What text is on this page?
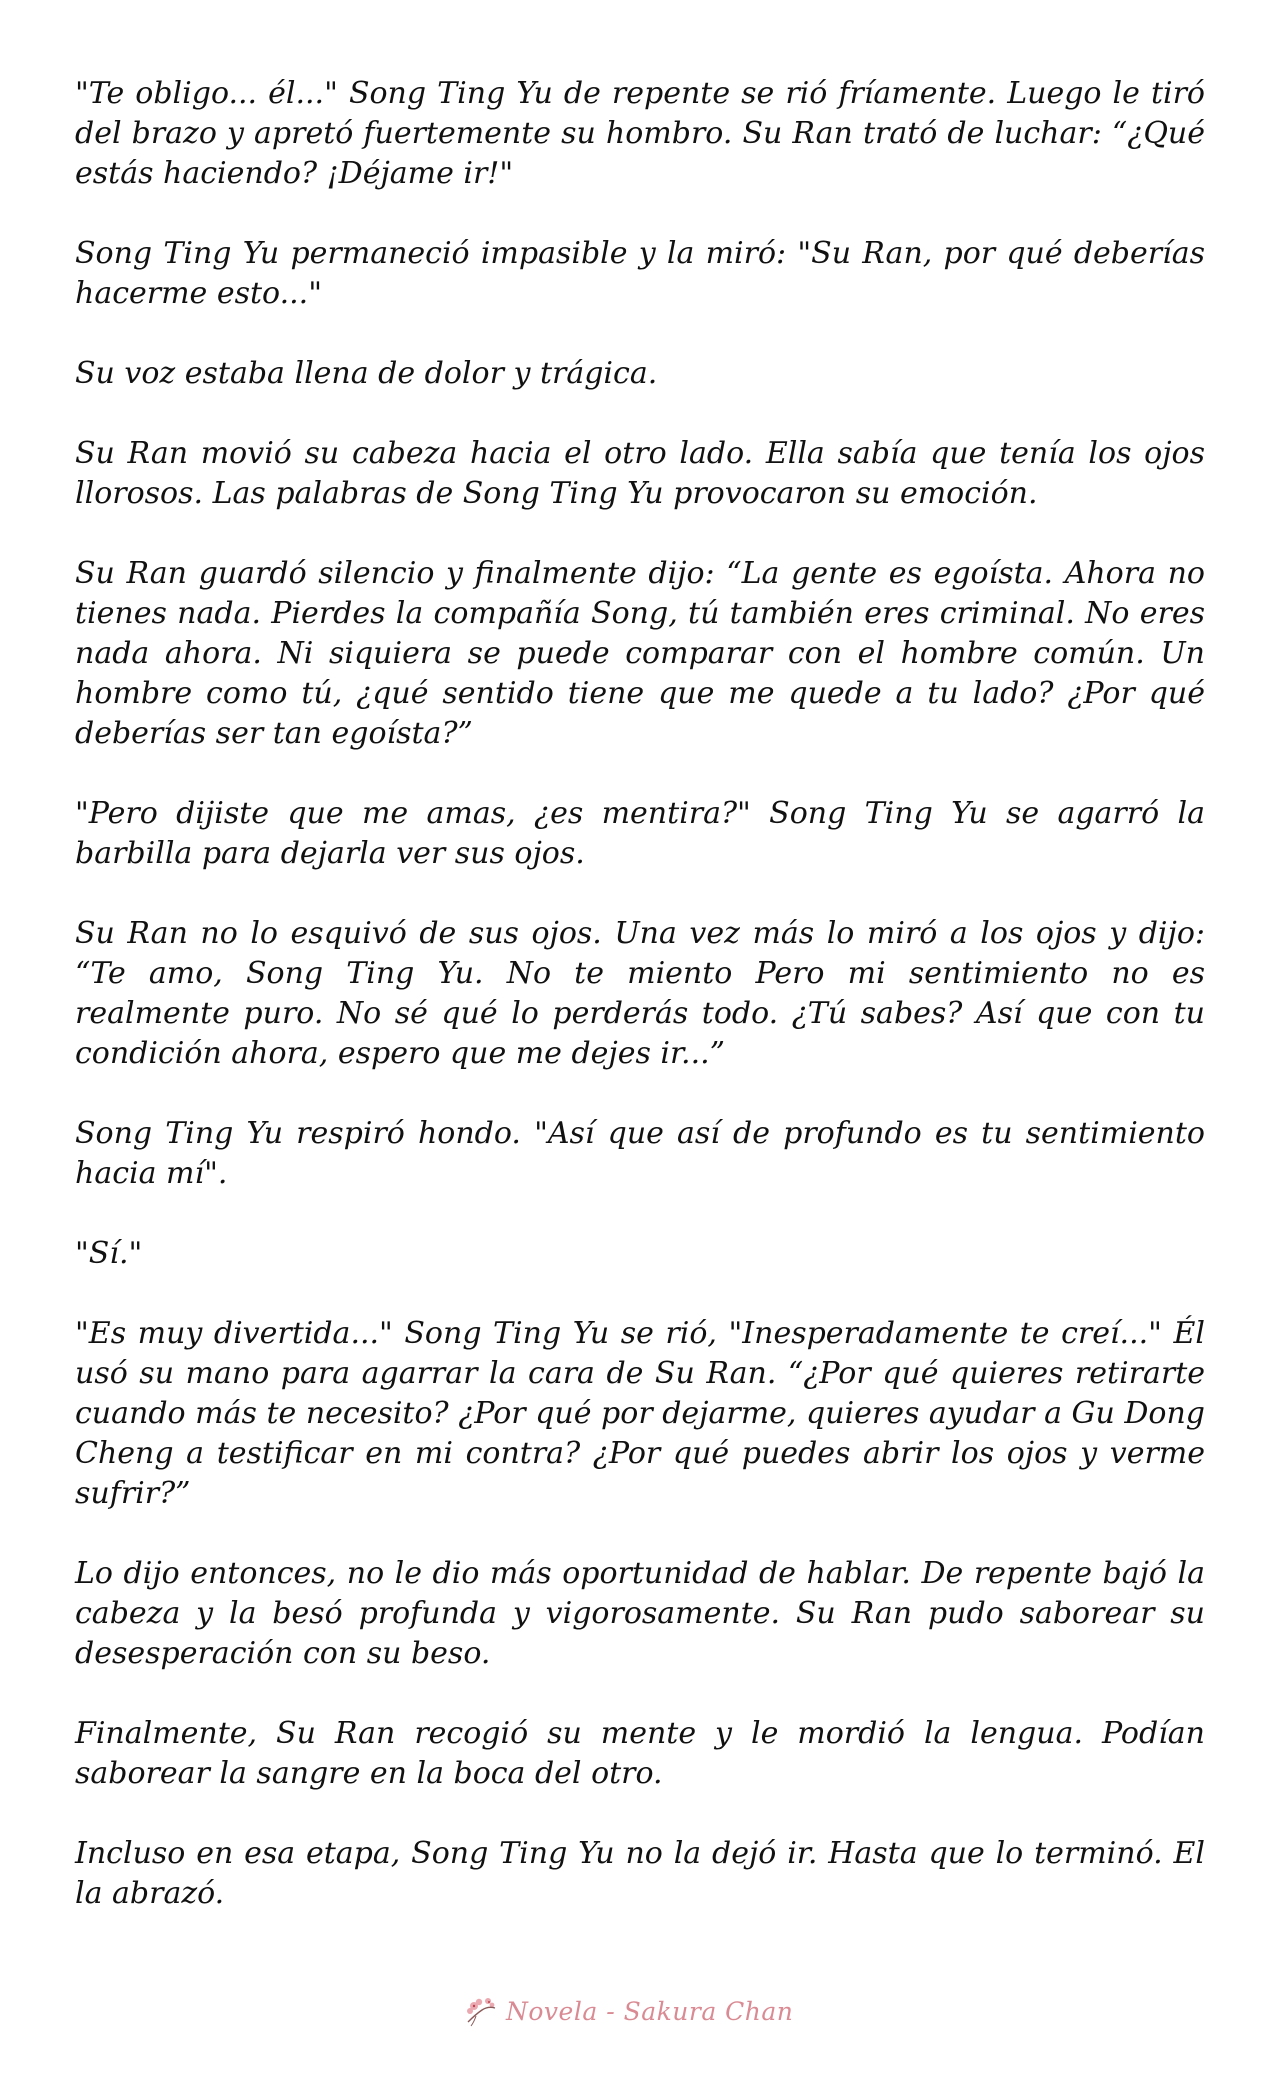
"Te obligo... él..." Song Ting Yu de repente se rió fríamente. Luego le tiró del brazo y apretó fuertemente su hombro. Su Ran trató de luchar: “¿Qué estás haciendo? ¡Déjame ir!"

Song Ting Yu permaneció impasible y la miró: "Su Ran, por qué deberías hacerme esto..."

Su voz estaba llena de dolor y trágica.

Su Ran movió su cabeza hacia el otro lado. Ella sabía que tenía los ojos llorosos. Las palabras de Song Ting Yu provocaron su emoción.

Su Ran guardó silencio y finalmente dijo: “La gente es egoísta. Ahora no tienes nada. Pierdes la compañía Song, tú también eres criminal. No eres nada ahora. Ni siquiera se puede comparar con el hombre común. Un hombre como tú, ¿qué sentido tiene que me quede a tu lado? ¿Por qué deberías ser tan egoísta?”

"Pero dijiste que me amas, ¿es mentira?" Song Ting Yu se agarró la barbilla para dejarla ver sus ojos.

Su Ran no lo esquivó de sus ojos. Una vez más lo miró a los ojos y dijo: “Te amo, Song Ting Yu. No te miento Pero mi sentimiento no es realmente puro. No sé qué lo perderás todo. ¿Tú sabes? Así que con tu condición ahora, espero que me dejes ir...”

Song Ting Yu respiró hondo. "Así que así de profundo es tu sentimiento hacia mí".

"Sí."

"Es muy divertida..." Song Ting Yu se rió, "Inesperadamente te creí..." Él usó su mano para agarrar la cara de Su Ran. “¿Por qué quieres retirarte cuando más te necesito? ¿Por qué por dejarme, quieres ayudar a Gu Dong Cheng a testificar en mi contra? ¿Por qué puedes abrir los ojos y verme sufrir?”

Lo dijo entonces, no le dio más oportunidad de hablar. De repente bajó la cabeza y la besó profunda y vigorosamente. Su Ran pudo saborear su desesperación con su beso.

Finalmente, Su Ran recogió su mente y le mordió la lengua. Podían saborear la sangre en la boca del otro.

Incluso en esa etapa, Song Ting Yu no la dejó ir. Hasta que lo terminó. El la abrazó.

Novela - Sakura Chan
